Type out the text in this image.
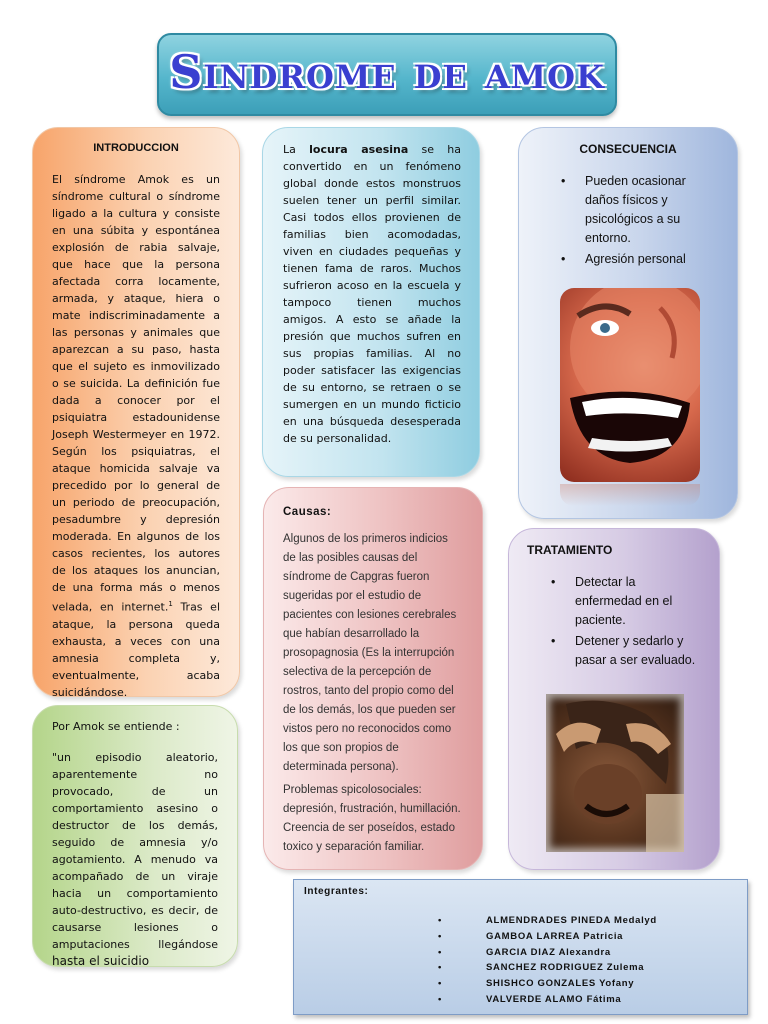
Sindrome de amok
INTRODUCCION
El síndrome Amok es un síndrome cultural o síndrome ligado a la cultura y consiste en una súbita y espontánea explosión de rabia salvaje, que hace que la persona afectada corra locamente, armada, y ataque, hiera o mate indiscriminadamente a las personas y animales que aparezcan a su paso, hasta que el sujeto es inmovilizado o se suicida. La definición fue dada a conocer por el psiquiatra estadounidense Joseph Westermeyer en 1972. Según los psiquiatras, el ataque homicida salvaje va precedido por lo general de un periodo de preocupación, pesadumbre y depresión moderada. En algunos de los casos recientes, los autores de los ataques los anuncian, de una forma más o menos velada, en internet.$^1$ Tras el ataque, la persona queda exhausta, a veces con una amnesia completa y, eventualmente, acaba suicidándose.
Por Amok se entiende :
"un episodio aleatorio, aparentemente no provocado, de un comportamiento asesino o destructor de los demás, seguido de amnesia y/o agotamiento. A menudo va acompañado de un viraje hacia un comportamiento auto-destructivo, es decir, de causarse lesiones o amputaciones llegándose hasta el suicidio
La locura asesina se ha convertido en un fenómeno global donde estos monstruos suelen tener un perfil similar. Casi todos ellos provienen de familias bien acomodadas, viven en ciudades pequeñas y tienen fama de raros. Muchos sufrieron acoso en la escuela y tampoco tienen muchos amigos. A esto se añade la presión que muchos sufren en sus propias familias. Al no poder satisfacer las exigencias de su entorno, se retraen o se sumergen en un mundo ficticio en una búsqueda desesperada de su personalidad.
Causas:

Algunos de los primeros indicios de las posibles causas del síndrome de Capgras fueron sugeridas por el estudio de pacientes con lesiones cerebrales que habían desarrollado la prosopagnosia (Es la interrupción selectiva de la percepción de rostros, tanto del propio como del de los demás, los que pueden ser vistos pero no reconocidos como los que son propios de determinada persona).

Problemas spicolosociales: depresión, frustración, humillación. Creencia de ser poseídos, estado toxico y separación familiar.

CONSECUENCIA
• Pueden ocasionar daños físicos y psicológicos a su entorno.
• Agresión personal
TRATAMIENTO
• Detectar la enfermedad en el paciente.
• Detener y sedarlo y pasar a ser evaluado.
Integrantes:
•	ALMENDRADES PINEDA Medalyd
•	GAMBOA LARREA Patricia
•	GARCIA DIAZ Alexandra
•	SANCHEZ RODRIGUEZ Zulema
•	SHISHCO GONZALES Yofany
•	VALVERDE ALAMO Fátima
